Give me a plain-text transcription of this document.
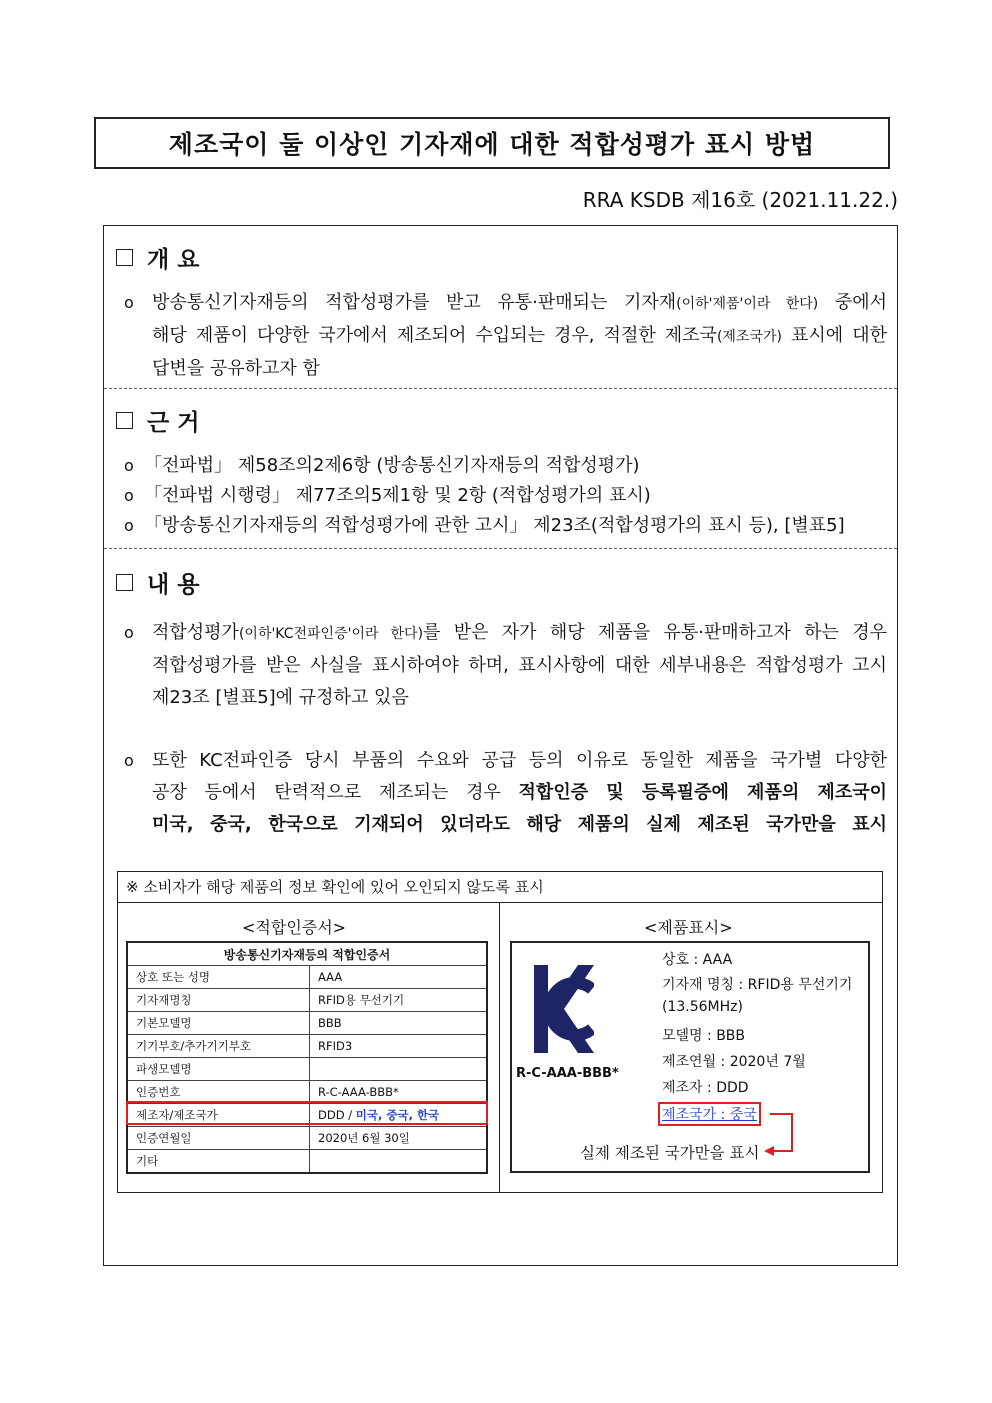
제조국이 둘 이상인 기자재에 대한 적합성평가 표시 방법
RRA KSDB 제16호 (2021.11.22.)
개 요
o 방송통신기자재등의 적합성평가를 받고 유통·판매되는 기자재(이하'제품'이라 한다) 중에서
해당 제품이 다양한 국가에서 제조되어 수입되는 경우, 적절한 제조국(제조국가) 표시에 대한
답변을 공유하고자 함
근 거
o 「전파법」 제58조의2제6항 (방송통신기자재등의 적합성평가)
o 「전파법 시행령」 제77조의5제1항 및 2항 (적합성평가의 표시)
o 「방송통신기자재등의 적합성평가에 관한 고시」 제23조(적합성평가의 표시 등), [별표5]
내 용
o 적합성평가(이하'KC전파인증'이라 한다)를 받은 자가 해당 제품을 유통·판매하고자 하는 경우
적합성평가를 받은 사실을 표시하여야 하며, 표시사항에 대한 세부내용은 적합성평가 고시
제23조 [별표5]에 규정하고 있음
o 또한 KC전파인증 당시 부품의 수요와 공급 등의 이유로 동일한 제품을 국가별 다양한
공장 등에서 탄력적으로 제조되는 경우 적합인증 및 등록필증에 제품의 제조국이
미국, 중국, 한국으로 기재되어 있더라도 해당 제품의 실제 제조된 국가만을 표시
※ 소비자가 해당 제품의 정보 확인에 있어 오인되지 않도록 표시
<적합인증서>	<제품표시>
방송통신기자재등의 적합인증서	
상호 또는 성명	AAA
기자재명칭	RFID용 무선기기
기본모델명	BBB
기기부호/추가기기부호	RFID3
파생모델명	
인증번호	R-C-AAA-BBB*
제조자/제조국가	DDD / 미국, 중국, 한국
인증연월일	2020년 6월 30일
기타	
R-C-AAA-BBB*
상호 : AAA
기자재 명칭 : RFID용 무선기기
(13.56MHz)
모델명 : BBB
제조연월 : 2020년 7월
제조자 : DDD
제조국가 : 중국
실제 제조된 국가만을 표시
